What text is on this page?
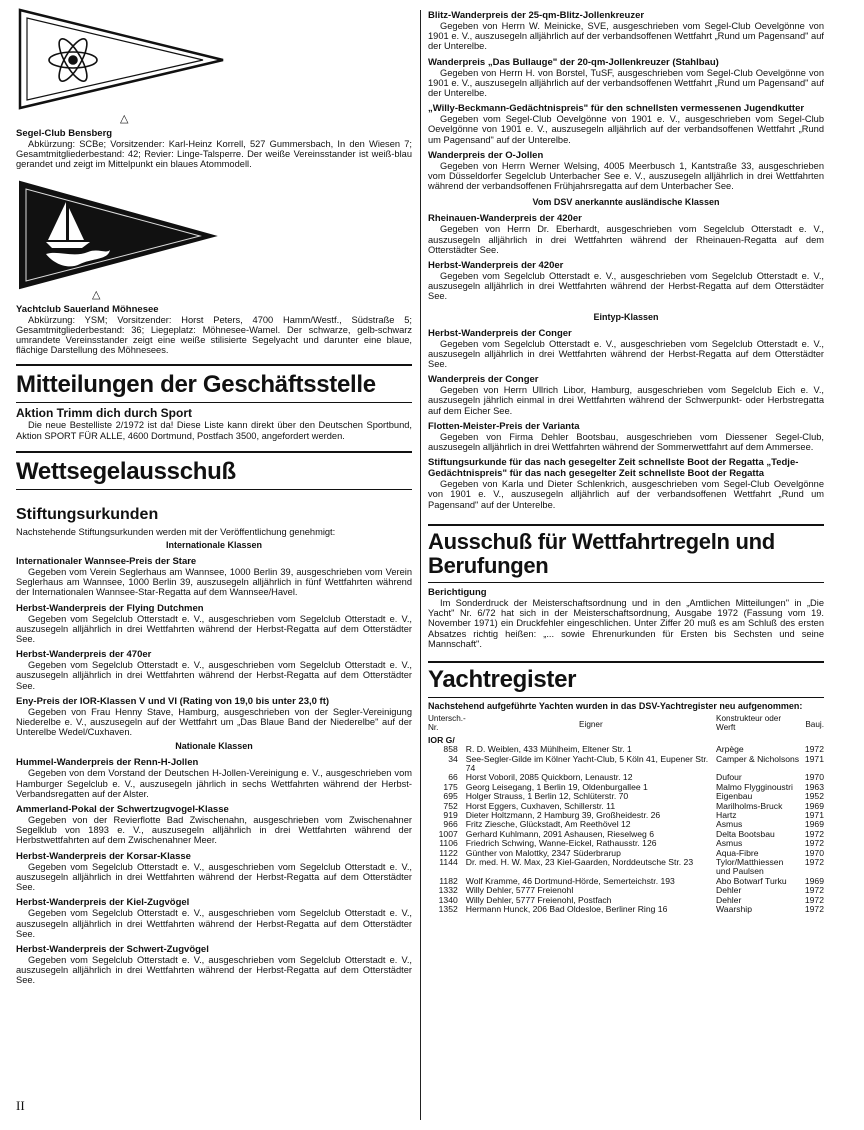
△

Segel-Club Bensberg

Abkürzung: SCBe; Vorsitzender: Karl-Heinz Korrell, 527 Gummersbach, In den Wiesen 7; Gesamtmitgliederbestand: 42; Revier: Linge-Talsperre. Der weiße Vereinsstander ist weiß-blau gerandet und zeigt im Mittelpunkt ein blaues Atommodell.

△

Yachtclub Sauerland Möhnesee

Abkürzung: YSM; Vorsitzender: Horst Peters, 4700 Hamm/Westf., Südstraße 5; Gesamtmitgliederbestand: 36; Liegeplatz: Möhnesee-Wamel. Der schwarze, gelb-schwarz umrandete Vereinsstander zeigt eine weiße stilisierte Segelyacht und darunter eine blaue, flächige Darstellung des Möhnesees.

Mitteilungen der Geschäftsstelle

Aktion Trimm dich durch Sport

Die neue Bestelliste 2/1972 ist da! Diese Liste kann direkt über den Deutschen Sportbund, Aktion SPORT FÜR ALLE, 4600 Dortmund, Postfach 3500, angefordert werden.

Wettsegelausschuß

Stiftungsurkunden

Nachstehende Stiftungsurkunden werden mit der Veröffentlichung genehmigt:

Internationale Klassen

Internationaler Wannsee-Preis der Stare

Gegeben vom Verein Seglerhaus am Wannsee, 1000 Berlin 39, ausgeschrieben vom Verein Seglerhaus am Wannsee, 1000 Berlin 39, auszusegeln alljährlich in fünf Wettfahrten während der Internationalen Wannsee-Star-Regatta auf dem Wannsee/Havel.

Herbst-Wanderpreis der Flying Dutchmen

Gegeben vom Segelclub Otterstadt e. V., ausgeschrieben vom Segelclub Otterstadt e. V., auszusegeln alljährlich in drei Wettfahrten während der Herbst-Regatta auf dem Otterstädter See.

Herbst-Wanderpreis der 470er

Gegeben vom Segelclub Otterstadt e. V., ausgeschrieben vom Segelclub Otterstadt e. V., auszusegeln alljährlich in drei Wettfahrten während der Herbst-Regatta auf dem Otterstädter See.

Eny-Preis der IOR-Klassen V und VI (Rating von 19,0 bis unter 23,0 ft)

Gegeben von Frau Henny Stave, Hamburg, ausgeschrieben von der Segler-Vereinigung Niederelbe e. V., auszusegeln auf der Wettfahrt um „Das Blaue Band der Niederelbe" auf der Unterelbe Wedel/Cuxhaven.

Nationale Klassen

Hummel-Wanderpreis der Renn-H-Jollen

Gegeben von dem Vorstand der Deutschen H-Jollen-Vereinigung e. V., ausgeschrieben vom Hamburger Segelclub e. V., auszusegeln jährlich in sechs Wettfahrten während der Herbst-Verbandsregatten auf der Alster.

Ammerland-Pokal der Schwertzugvogel-Klasse

Gegeben von der Revierflotte Bad Zwischenahn, ausgeschrieben vom Zwischenahner Segelklub von 1893 e. V., auszusegeln alljährlich in drei Wettfahrten während der Herbstwettfahrten auf dem Zwischenahner Meer.

Herbst-Wanderpreis der Korsar-Klasse

Gegeben vom Segelclub Otterstadt e. V., ausgeschrieben vom Segelclub Otterstadt e. V., auszusegeln alljährlich in drei Wettfahrten während der Herbst-Regatta auf dem Otterstädter See.

Herbst-Wanderpreis der Kiel-Zugvögel

Gegeben vom Segelclub Otterstadt e. V., ausgeschrieben vom Segelclub Otterstadt e. V., auszusegeln alljährlich in drei Wettfahrten während der Herbst-Regatta auf dem Otterstädter See.

Herbst-Wanderpreis der Schwert-Zugvögel

Gegeben vom Segelclub Otterstadt e. V., ausgeschrieben vom Segelclub Otterstadt e. V., auszusegeln alljährlich in drei Wettfahrten während der Herbst-Regatta auf dem Otterstädter See.

II

Blitz-Wanderpreis der 25-qm-Blitz-Jollenkreuzer

Gegeben von Herrn W. Meinicke, SVE, ausgeschrieben vom Segel-Club Oevelgönne von 1901 e. V., auszusegeln alljährlich auf der verbandsoffenen Wettfahrt „Rund um Pagensand" auf der Unterelbe.

Wanderpreis „Das Bullauge" der 20-qm-Jollenkreuzer (Stahlbau)

Gegeben von Herrn H. von Borstel, TuSF, ausgeschrieben vom Segel-Club Oevelgönne von 1901 e. V., auszusegeln alljährlich auf der verbandsoffenen Wettfahrt „Rund um Pagensand" auf der Unterelbe.

„Willy-Beckmann-Gedächtnispreis" für den schnellsten vermessenen Jugendkutter

Gegeben vom Segel-Club Oevelgönne von 1901 e. V., ausgeschrieben vom Segel-Club Oevelgönne von 1901 e. V., auszusegeln alljährlich auf der verbandsoffenen Wettfahrt „Rund um Pagensand" auf der Unterelbe.

Wanderpreis der O-Jollen

Gegeben von Herrn Werner Welsing, 4005 Meerbusch 1, Kantstraße 33, ausgeschrieben vom Düsseldorfer Segelclub Unterbacher See e. V., auszusegeln alljährlich in drei Wettfahrten während der verbandsoffenen Frühjahrsregatta auf dem Unterbacher See.

Vom DSV anerkannte ausländische Klassen

Rheinauen-Wanderpreis der 420er

Gegeben von Herrn Dr. Eberhardt, ausgeschrieben vom Segelclub Otterstadt e. V., auszusegeln alljährlich in drei Wettfahrten während der Rheinauen-Regatta auf dem Otterstädter See.

Herbst-Wanderpreis der 420er

Gegeben vom Segelclub Otterstadt e. V., ausgeschrieben vom Segelclub Otterstadt e. V., auszusegeln alljährlich in drei Wettfahrten während der Herbst-Regatta auf dem Otterstädter See.

Eintyp-Klassen

Herbst-Wanderpreis der Conger

Gegeben vom Segelclub Otterstadt e. V., ausgeschrieben vom Segelclub Otterstadt e. V., auszusegeln alljährlich in drei Wettfahrten während der Herbst-Regatta auf dem Otterstädter See.

Wanderpreis der Conger

Gegeben von Herrn Ullrich Libor, Hamburg, ausgeschrieben vom Segelclub Eich e. V., auszusegeln jährlich einmal in drei Wettfahrten während der Schwerpunkt- oder Herbstregatta auf dem Eicher See.

Flotten-Meister-Preis der Varianta

Gegeben von Firma Dehler Bootsbau, ausgeschrieben vom Diessener Segel-Club, auszusegeln alljährlich in drei Wettfahrten während der Sommerwettfahrt auf dem Ammersee.

Stiftungsurkunde für das nach gesegelter Zeit schnellste Boot der Regatta „Tedje-Gedächtnispreis" für das nach gesegelter Zeit schnellste Boot der Regatta

Gegeben von Karla und Dieter Schlenkrich, ausgeschrieben vom Segel-Club Oevelgönne von 1901 e. V., auszusegeln alljährlich auf der verbandsoffenen Wettfahrt „Rund um Pagensand" auf der Unterelbe.

Ausschuß für Wettfahrtregeln und Berufungen

Berichtigung

Im Sonderdruck der Meisterschaftsordnung und in den „Amtlichen Mitteilungen" in „Die Yacht" Nr. 6/72 hat sich in der Meisterschaftsordnung, Ausgabe 1972 (Fassung vom 19. November 1971) ein Druckfehler eingeschlichen. Unter Ziffer 20 muß es am Schluß des ersten Absatzes richtig heißen: „... sowie Ehrenurkunden für Ersten bis Sechsten und seine Mannschaft".

Yachtregister

Nachstehend aufgeführte Yachten wurden in das DSV-Yachtregister neu aufgenommen:

Untersch.-Nr.	Eigner	Konstrukteur oder Werft	Bauj.
IOR G/			
858	R. D. Weiblen, 433 Mühlheim, Eltener Str. 1	Arpège	1972
34	See-Segler-Gilde im Kölner Yacht-Club, 5 Köln 41, Eupener Str. 74	Camper & Nicholsons	1971
66	Horst Voboril, 2085 Quickborn, Lenaustr. 12	Dufour	1970
175	Georg Leisegang, 1 Berlin 19, Oldenburgallee 1	Malmo Flygginoustri	1963
695	Holger Strauss, 1 Berlin 12, Schlüterstr. 70	Eigenbau	1952
752	Horst Eggers, Cuxhaven, Schillerstr. 11	Marilholms-Bruck	1969
919	Dieter Holtzmann, 2 Hamburg 39, Großheidestr. 26	Hartz	1971
966	Fritz Ziesche, Glückstadt, Am Reethövel 12	Asmus	1969
1007	Gerhard Kuhlmann, 2091 Ashausen, Rieselweg 6	Delta Bootsbau	1972
1106	Friedrich Schwing, Wanne-Eickel, Rathausstr. 126	Asmus	1972
1122	Günther von Malottky, 2347 Süderbrarup	Aqua-Fibre	1970
1144	Dr. med. H. W. Max, 23 Kiel-Gaarden, Norddeutsche Str. 23	Tylor/Matthiessen und Paulsen	1972
1182	Wolf Kramme, 46 Dortmund-Hörde, Semerteichstr. 193	Abo Botwarf Turku	1969
1332	Willy Dehler, 5777 Freienohl	Dehler	1972
1340	Willy Dehler, 5777 Freienohl, Postfach	Dehler	1972
1352	Hermann Hunck, 206 Bad Oldesloe, Berliner Ring 16	Waarship	1972
